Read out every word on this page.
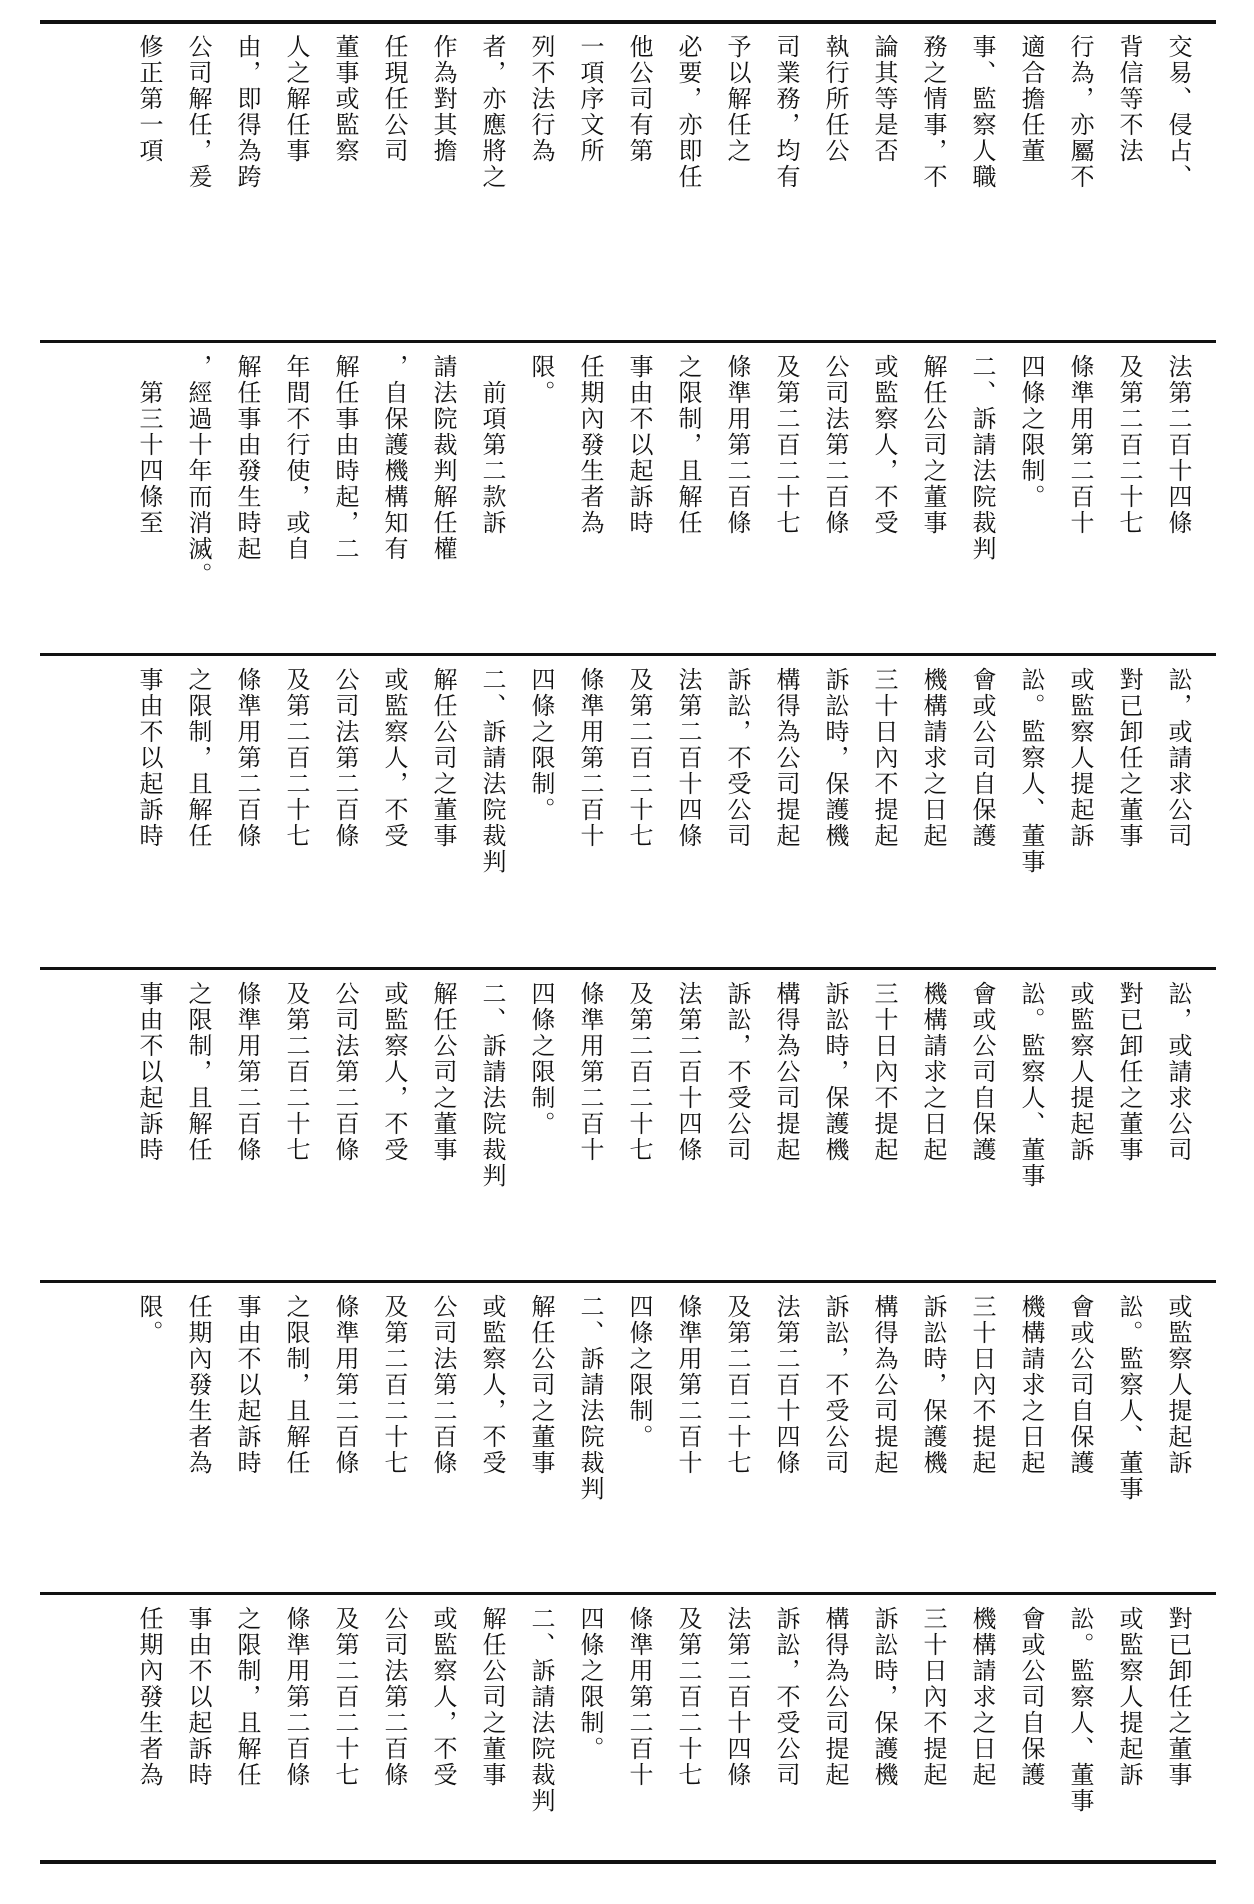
交易、侵占、
背信等不法
行為，亦屬不
適合擔任董
事、監察人職
務之情事，不
論其等是否
執行所任公
司業務，均有
予以解任之
必要，亦即任
他公司有第
一項序文所
列不法行為
者，亦應將之
作為對其擔
任現任公司
董事或監察
人之解任事
由，即得為跨
公司解任，爰
修正第一項
法第二百十四條
及第二百二十七
條準用第二百十
四條之限制。
二、訴請法院裁判
解任公司之董事
或監察人，不受
公司法第二百條
及第二百二十七
條準用第二百條
之限制，且解任
事由不以起訴時
任期內發生者為
限。
　前項第二款訴
請法院裁判解任權
，自保護機構知有
解任事由時起，二
年間不行使，或自
解任事由發生時起
，經過十年而消滅。
　第三十四條至
訟，或請求公司
對已卸任之董事
或監察人提起訴
訟。監察人、董事
會或公司自保護
機構請求之日起
三十日內不提起
訴訟時，保護機
構得為公司提起
訴訟，不受公司
法第二百十四條
及第二百二十七
條準用第二百十
四條之限制。
二、訴請法院裁判
解任公司之董事
或監察人，不受
公司法第二百條
及第二百二十七
條準用第二百條
之限制，且解任
事由不以起訴時
訟，或請求公司
對已卸任之董事
或監察人提起訴
訟。監察人、董事
會或公司自保護
機構請求之日起
三十日內不提起
訴訟時，保護機
構得為公司提起
訴訟，不受公司
法第二百十四條
及第二百二十七
條準用第二百十
四條之限制。
二、訴請法院裁判
解任公司之董事
或監察人，不受
公司法第二百條
及第二百二十七
條準用第二百條
之限制，且解任
事由不以起訴時
或監察人提起訴
訟。監察人、董事
會或公司自保護
機構請求之日起
三十日內不提起
訴訟時，保護機
構得為公司提起
訴訟，不受公司
法第二百十四條
及第二百二十七
條準用第二百十
四條之限制。
二、訴請法院裁判
解任公司之董事
或監察人，不受
公司法第二百條
及第二百二十七
條準用第二百條
之限制，且解任
事由不以起訴時
任期內發生者為
限。
對已卸任之董事
或監察人提起訴
訟。監察人、董事
會或公司自保護
機構請求之日起
三十日內不提起
訴訟時，保護機
構得為公司提起
訴訟，不受公司
法第二百十四條
及第二百二十七
條準用第二百十
四條之限制。
二、訴請法院裁判
解任公司之董事
或監察人，不受
公司法第二百條
及第二百二十七
條準用第二百條
之限制，且解任
事由不以起訴時
任期內發生者為
